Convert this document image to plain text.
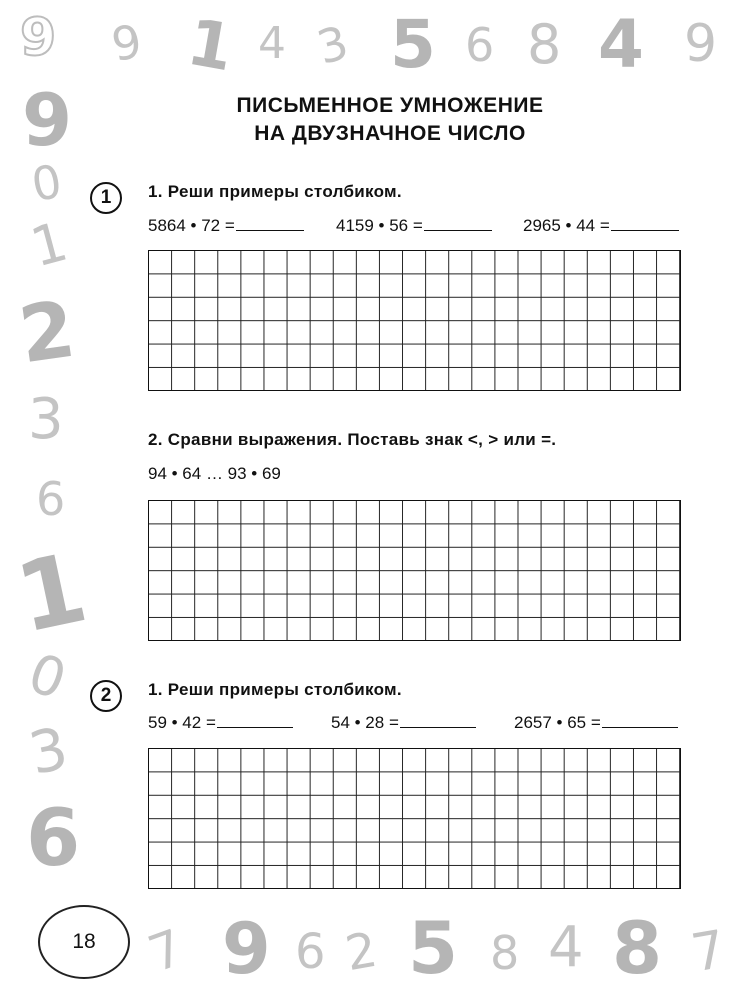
9 9 1 4 3 5 6 8 4 9
9
0
1
2
3
6
1
0
3
6
7 9 6 2 5 8 4 8 7
ПИСЬМЕННОЕ УМНОЖЕНИЕ
НА ДВУЗНАЧНОЕ ЧИСЛО
1	1. Реши примеры столбиком.
5864 • 72 =	4159 • 56 =	2965 • 44 =
2. Сравни выражения. Поставь знак <, > или =.
94 • 64 … 93 • 69
2	1. Реши примеры столбиком.
59 • 42 =	54 • 28 =	2657 • 65 =
18
